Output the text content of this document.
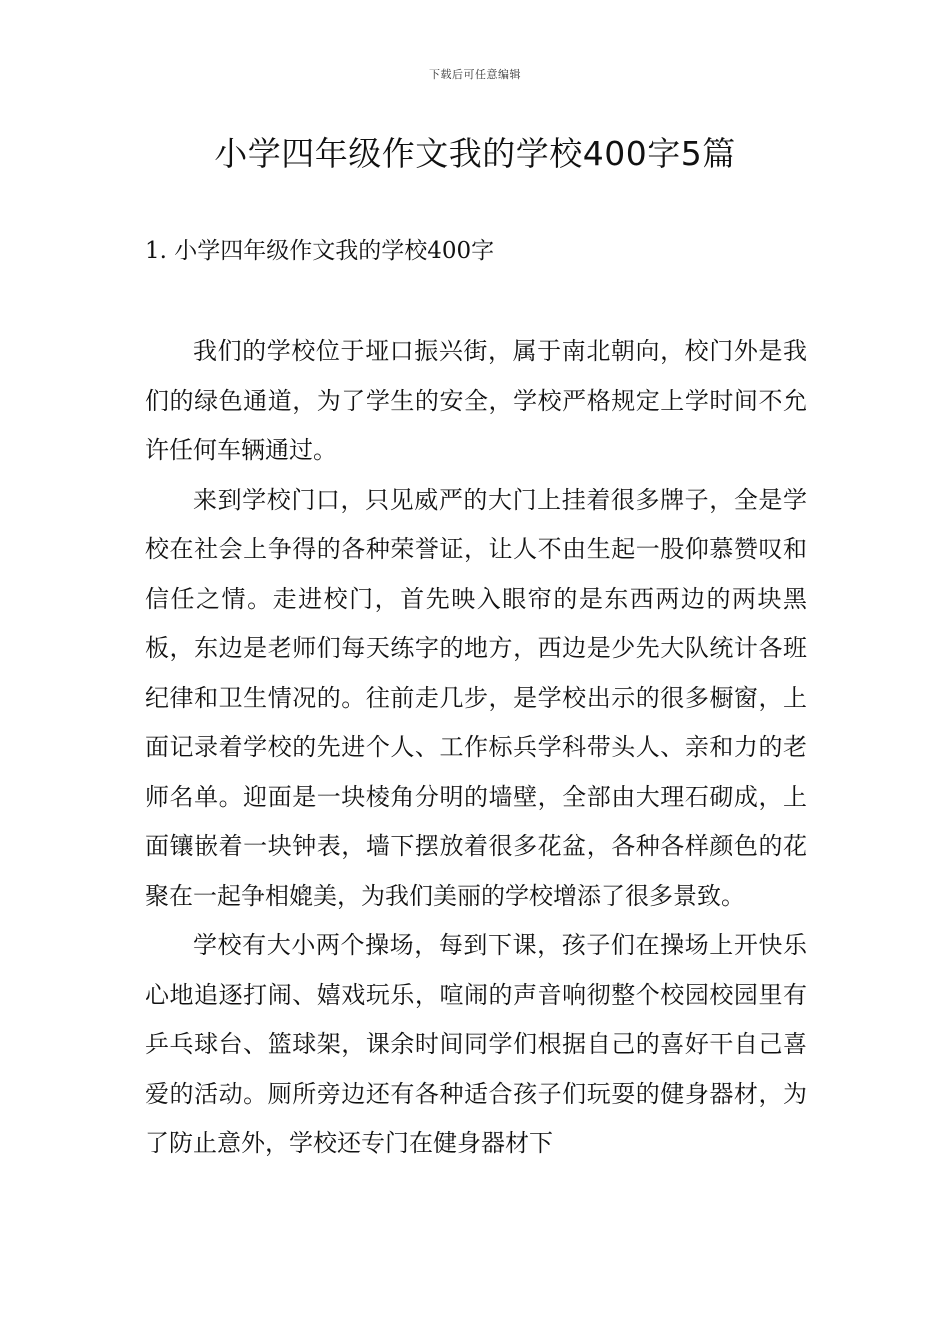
下载后可任意编辑
小学四年级作文我的学校400字5篇
1. 小学四年级作文我的学校400字

我们的学校位于垭口振兴街，属于南北朝向，校门外是我们的绿色通道，为了学生的安全，学校严格规定上学时间不允许任何车辆通过。

来到学校门口，只见威严的大门上挂着很多牌子，全是学校在社会上争得的各种荣誉证，让人不由生起一股仰慕赞叹和信任之情。走进校门，首先映入眼帘的是东西两边的两块黑板，东边是老师们每天练字的地方，西边是少先大队统计各班纪律和卫生情况的。往前走几步，是学校出示的很多橱窗，上面记录着学校的先进个人、工作标兵学科带头人、亲和力的老师名单。迎面是一块棱角分明的墙壁，全部由大理石砌成，上面镶嵌着一块钟表，墙下摆放着很多花盆，各种各样颜色的花聚在一起争相媲美，为我们美丽的学校增添了很多景致。

学校有大小两个操场，每到下课，孩子们在操场上开快乐心地追逐打闹、嬉戏玩乐，喧闹的声音响彻整个校园校园里有乒乓球台、篮球架，课余时间同学们根据自己的喜好干自己喜爱的活动。厕所旁边还有各种适合孩子们玩耍的健身器材，为了防止意外，学校还专门在健身器材下
